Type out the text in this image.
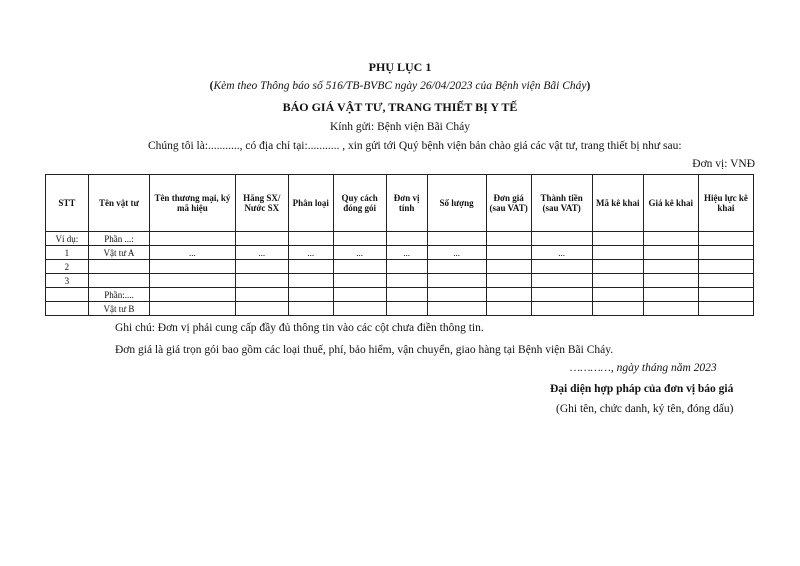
PHỤ LỤC 1
(Kèm theo Thông báo số 516/TB-BVBC ngày 26/04/2023 của Bệnh viện Bãi Cháy)
BÁO GIÁ VẬT TƯ, TRANG THIẾT BỊ Y TẾ
Kính gửi: Bệnh viện Bãi Cháy
Chúng tôi là:..........., có địa chỉ tại:........... , xin gửi tới Quý bệnh viện bản chào giá các vật tư, trang thiết bị như sau:
Đơn vị: VNĐ
STT	Tên vật tư	Tên thương mại, ký mã hiệu	Hãng SX/ Nước SX	Phân loại	Quy cách đóng gói	Đơn vị tính	Số lượng	Đơn giá (sau VAT)	Thành tiền (sau VAT)	Mã kê khai	Giá kê khai	Hiệu lực kê khai
Ví dụ:	Phần ...:											
1	Vật tư A	...	...	...	...	...	...		...			
2												
3												
	Phần:....											
	Vật tư B											
Ghi chú: Đơn vị phải cung cấp đầy đủ thông tin vào các cột chưa điền thông tin.
Đơn giá là giá trọn gói bao gồm các loại thuế, phí, bảo hiểm, vận chuyển, giao hàng tại Bệnh viện Bãi Cháy.
…………, ngày tháng năm 2023
Đại diện hợp pháp của đơn vị báo giá
(Ghi tên, chức danh, ký tên, đóng dấu)
